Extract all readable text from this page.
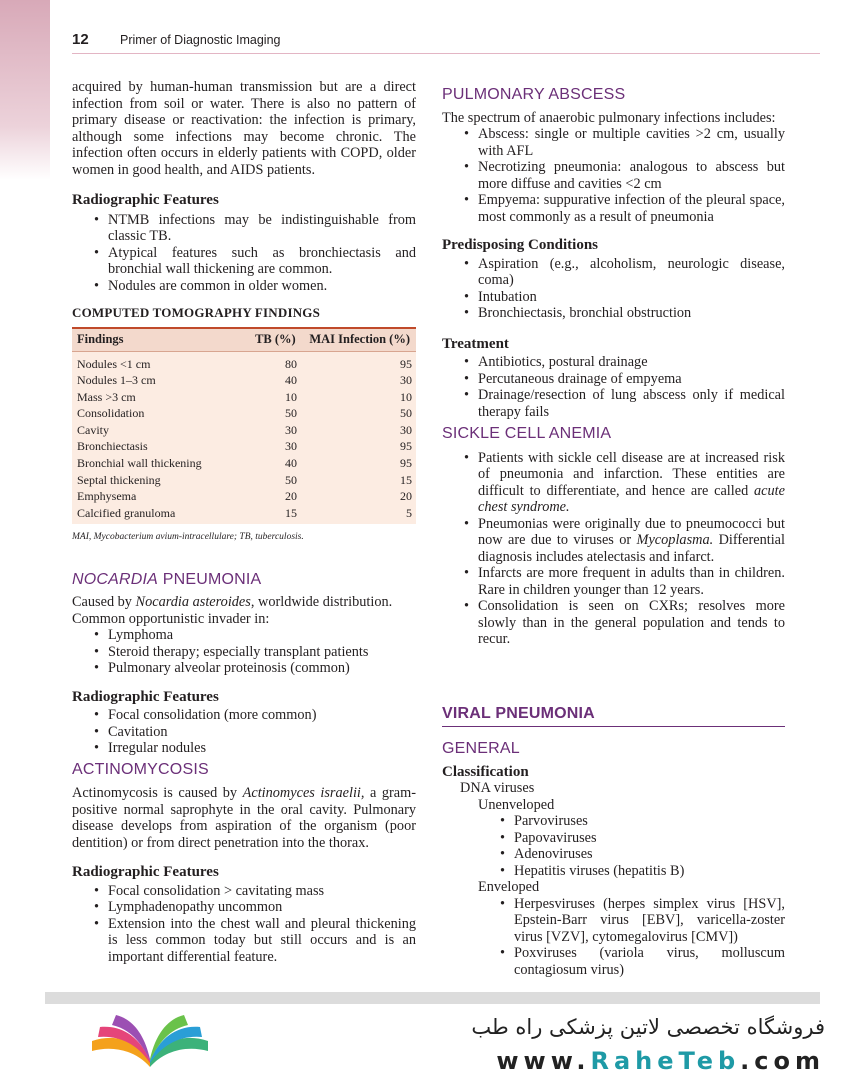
12	Primer of Diagnostic Imaging

acquired by human-human transmission but are a direct infection from soil or water. There is also no pattern of primary disease or reactivation: the infection is primary, although some infections may become chronic. The infection often occurs in elderly patients with COPD, older women in good health, and AIDS patients.

Radiographic Features
• NTMB infections may be indistinguishable from classic TB.
• Atypical features such as bronchiectasis and bronchial wall thickening are common.
• Nodules are common in older women.
COMPUTED TOMOGRAPHY FINDINGS
Findings	TB (%)	MAI Infection (%)
Nodules <1 cm	80	95
Nodules 1–3 cm	40	30
Mass >3 cm	10	10
Consolidation	50	50
Cavity	30	30
Bronchiectasis	30	95
Bronchial wall thickening	40	95
Septal thickening	50	15
Emphysema	20	20
Calcified granuloma	15	5
MAI, Mycobacterium avium-intracellulare; TB, tuberculosis.
NOCARDIA PNEUMONIA

Caused by Nocardia asteroides, worldwide distribution.

Common opportunistic invader in:

• Lymphoma
• Steroid therapy; especially transplant patients
• Pulmonary alveolar proteinosis (common)
Radiographic Features
• Focal consolidation (more common)
• Cavitation
• Irregular nodules
ACTINOMYCOSIS

Actinomycosis is caused by Actinomyces israelii, a gram-positive normal saprophyte in the oral cavity. Pulmonary disease develops from aspiration of the organism (poor dentition) or from direct penetration into the thorax.

Radiographic Features
• Focal consolidation > cavitating mass
• Lymphadenopathy uncommon
• Extension into the chest wall and pleural thickening is less common today but still occurs and is an important differential feature.
PULMONARY ABSCESS

The spectrum of anaerobic pulmonary infections includes:

• Abscess: single or multiple cavities >2 cm, usually with AFL
• Necrotizing pneumonia: analogous to abscess but more diffuse and cavities <2 cm
• Empyema: suppurative infection of the pleural space, most commonly as a result of pneumonia
Predisposing Conditions
• Aspiration (e.g., alcoholism, neurologic disease, coma)
• Intubation
• Bronchiectasis, bronchial obstruction
Treatment
• Antibiotics, postural drainage
• Percutaneous drainage of empyema
• Drainage/resection of lung abscess only if medical therapy fails
SICKLE CELL ANEMIA
• Patients with sickle cell disease are at increased risk of pneumonia and infarction. These entities are difficult to differentiate, and hence are called acute chest syndrome.
• Pneumonias were originally due to pneumococci but now are due to viruses or Mycoplasma. Differential diagnosis includes atelectasis and infarct.
• Infarcts are more frequent in adults than in children. Rare in children younger than 12 years.
• Consolidation is seen on CXRs; resolves more slowly than in the general population and tends to recur.
VIRAL PNEUMONIA
GENERAL
Classification
DNA viruses
Unenveloped
• Parvoviruses
• Papovaviruses
• Adenoviruses
• Hepatitis viruses (hepatitis B)
Enveloped
• Herpesviruses (herpes simplex virus [HSV], Epstein-Barr virus [EBV], varicella-zoster virus [VZV], cytomegalovirus [CMV])
• Poxviruses (variola virus, molluscum contagiosum virus)
فروشگاه تخصصی لاتین پزشکی راه طب
www.RaheTeb.com
